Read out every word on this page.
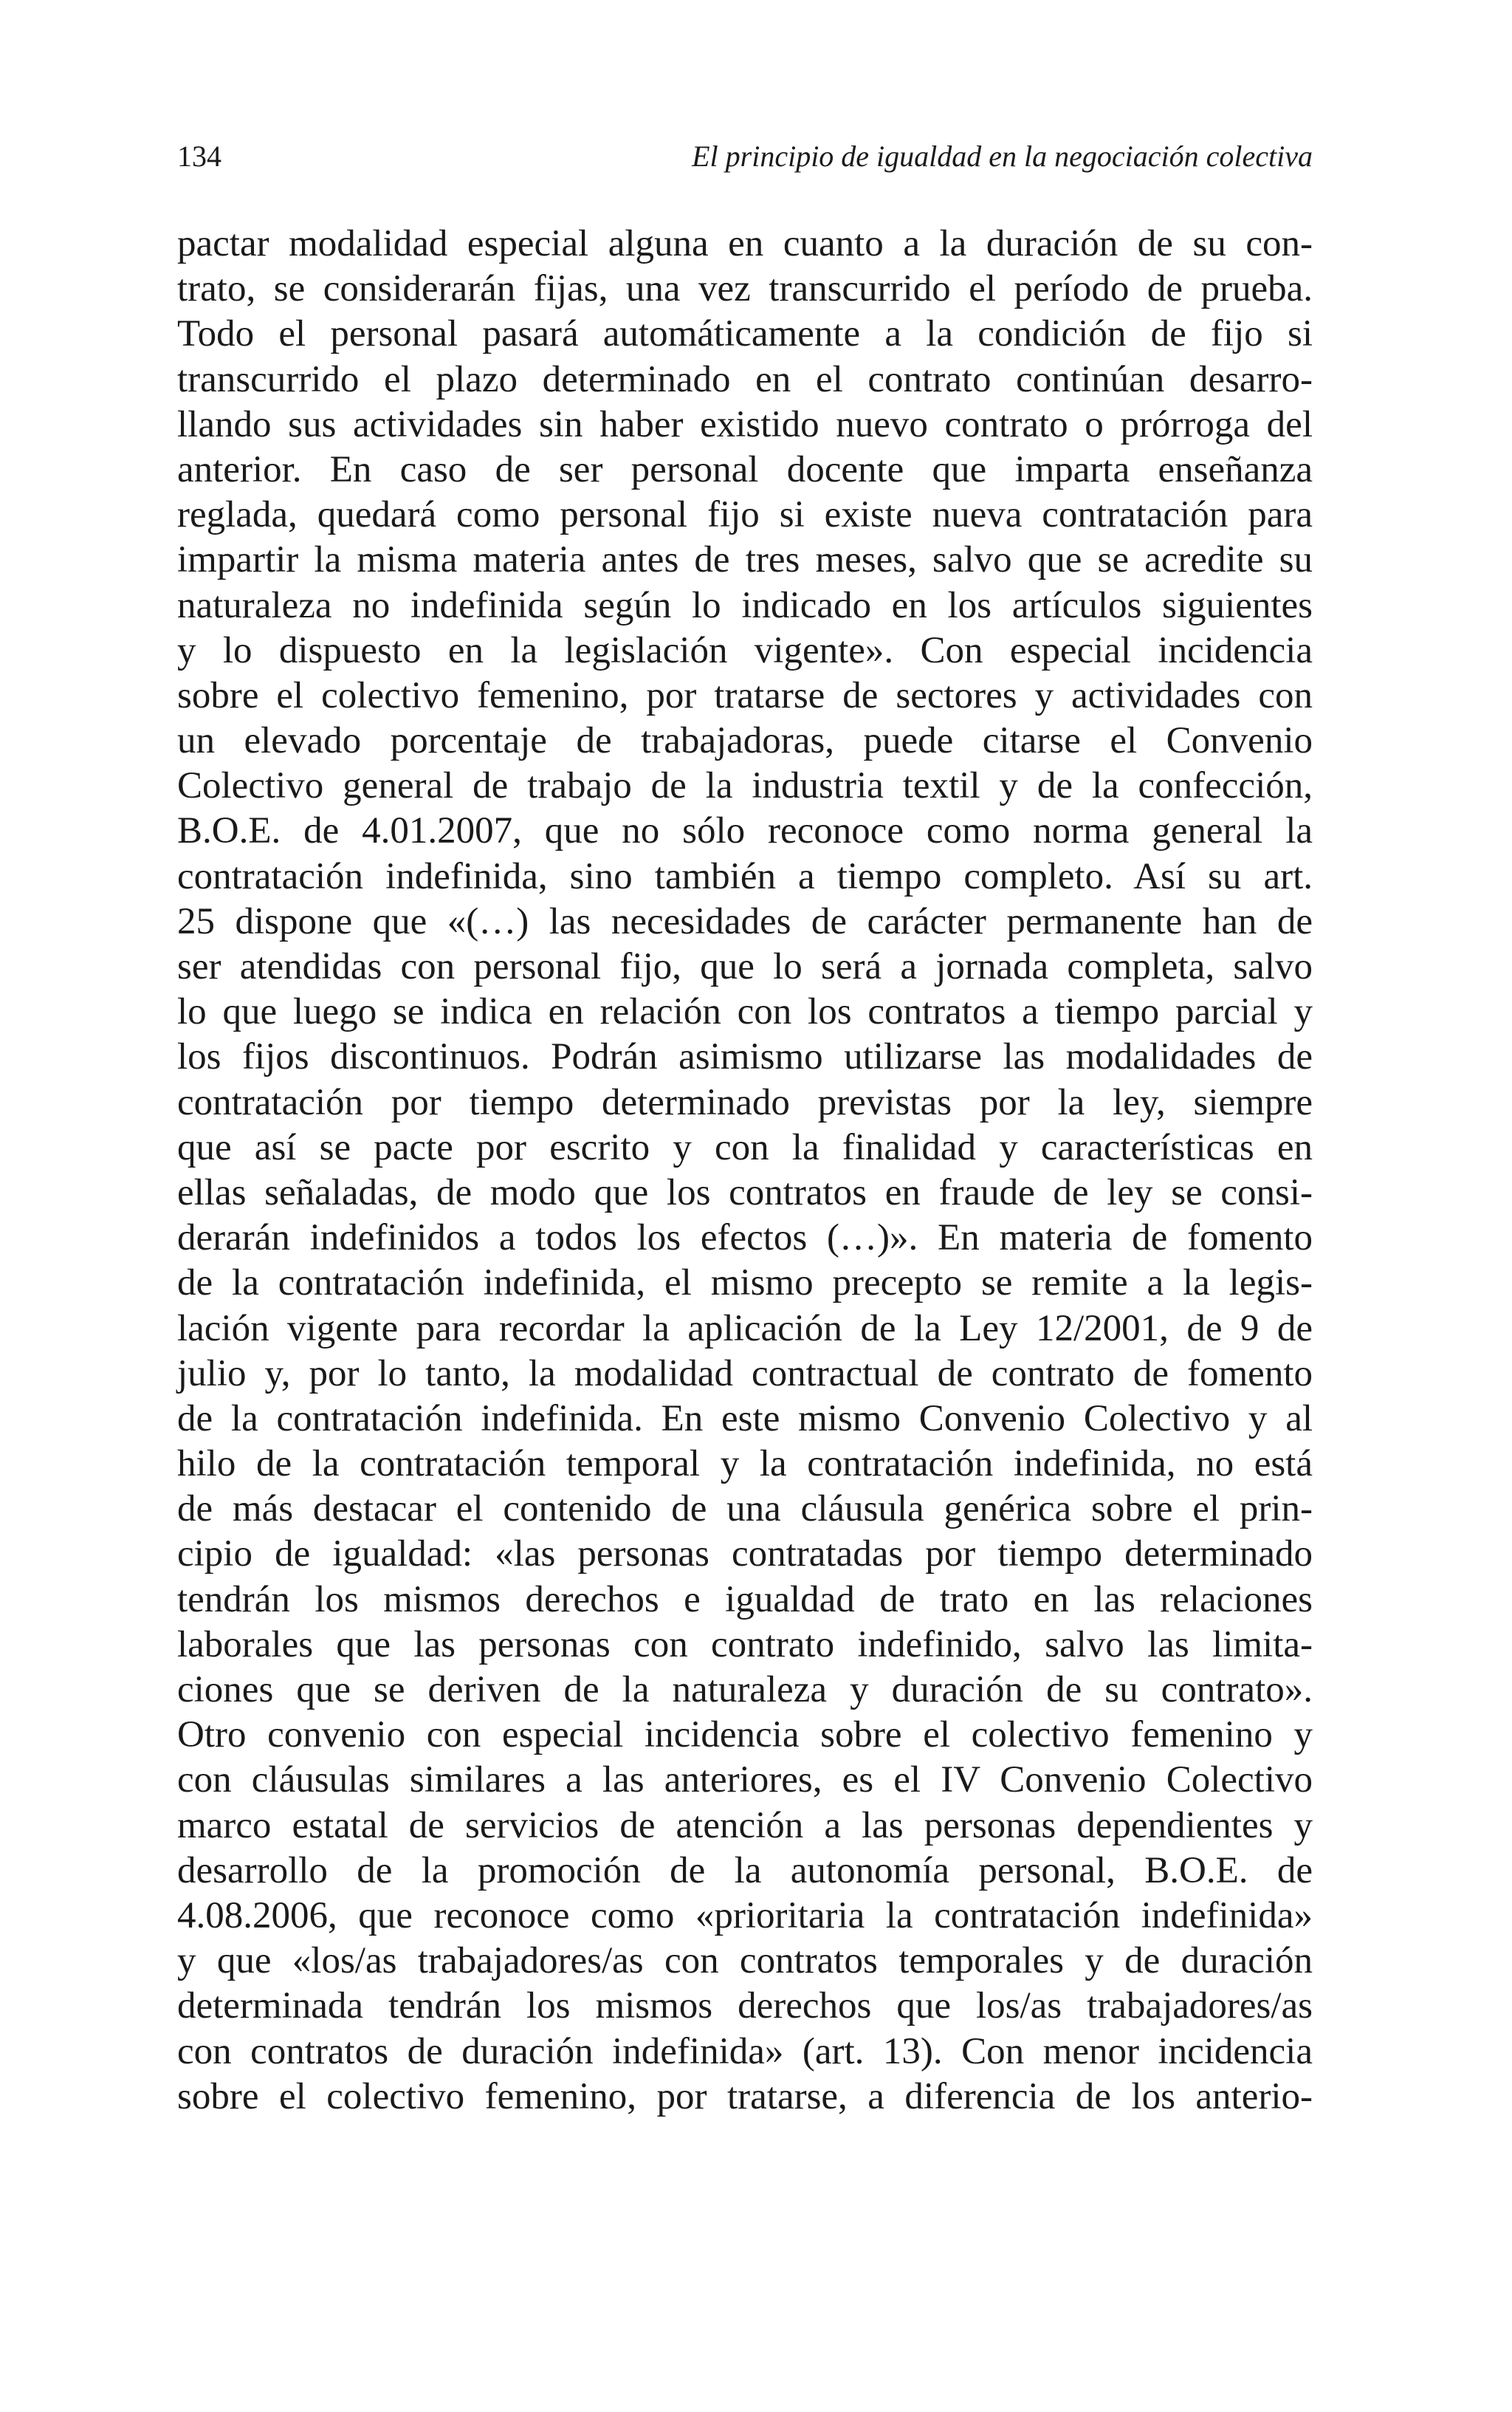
134	El principio de igualdad en la negociación colectiva
pactar modalidad especial alguna en cuanto a la duración de su con-
trato, se considerarán fijas, una vez transcurrido el período de prueba.
Todo el personal pasará automáticamente a la condición de fijo si
transcurrido el plazo determinado en el contrato continúan desarro-
llando sus actividades sin haber existido nuevo contrato o prórroga del
anterior. En caso de ser personal docente que imparta enseñanza
reglada, quedará como personal fijo si existe nueva contratación para
impartir la misma materia antes de tres meses, salvo que se acredite su
naturaleza no indefinida según lo indicado en los artículos siguientes
y lo dispuesto en la legislación vigente». Con especial incidencia
sobre el colectivo femenino, por tratarse de sectores y actividades con
un elevado porcentaje de trabajadoras, puede citarse el Convenio
Colectivo general de trabajo de la industria textil y de la confección,
B.O.E. de 4.01.2007, que no sólo reconoce como norma general la
contratación indefinida, sino también a tiempo completo. Así su art.
25 dispone que «(…) las necesidades de carácter permanente han de
ser atendidas con personal fijo, que lo será a jornada completa, salvo
lo que luego se indica en relación con los contratos a tiempo parcial y
los fijos discontinuos. Podrán asimismo utilizarse las modalidades de
contratación por tiempo determinado previstas por la ley, siempre
que así se pacte por escrito y con la finalidad y características en
ellas señaladas, de modo que los contratos en fraude de ley se consi-
derarán indefinidos a todos los efectos (…)». En materia de fomento
de la contratación indefinida, el mismo precepto se remite a la legis-
lación vigente para recordar la aplicación de la Ley 12/2001, de 9 de
julio y, por lo tanto, la modalidad contractual de contrato de fomento
de la contratación indefinida. En este mismo Convenio Colectivo y al
hilo de la contratación temporal y la contratación indefinida, no está
de más destacar el contenido de una cláusula genérica sobre el prin-
cipio de igualdad: «las personas contratadas por tiempo determinado
tendrán los mismos derechos e igualdad de trato en las relaciones
laborales que las personas con contrato indefinido, salvo las limita-
ciones que se deriven de la naturaleza y duración de su contrato».
Otro convenio con especial incidencia sobre el colectivo femenino y
con cláusulas similares a las anteriores, es el IV Convenio Colectivo
marco estatal de servicios de atención a las personas dependientes y
desarrollo de la promoción de la autonomía personal, B.O.E. de
4.08.2006, que reconoce como «prioritaria la contratación indefinida»
y que «los/as trabajadores/as con contratos temporales y de duración
determinada tendrán los mismos derechos que los/as trabajadores/as
con contratos de duración indefinida» (art. 13). Con menor incidencia
sobre el colectivo femenino, por tratarse, a diferencia de los anterio-
